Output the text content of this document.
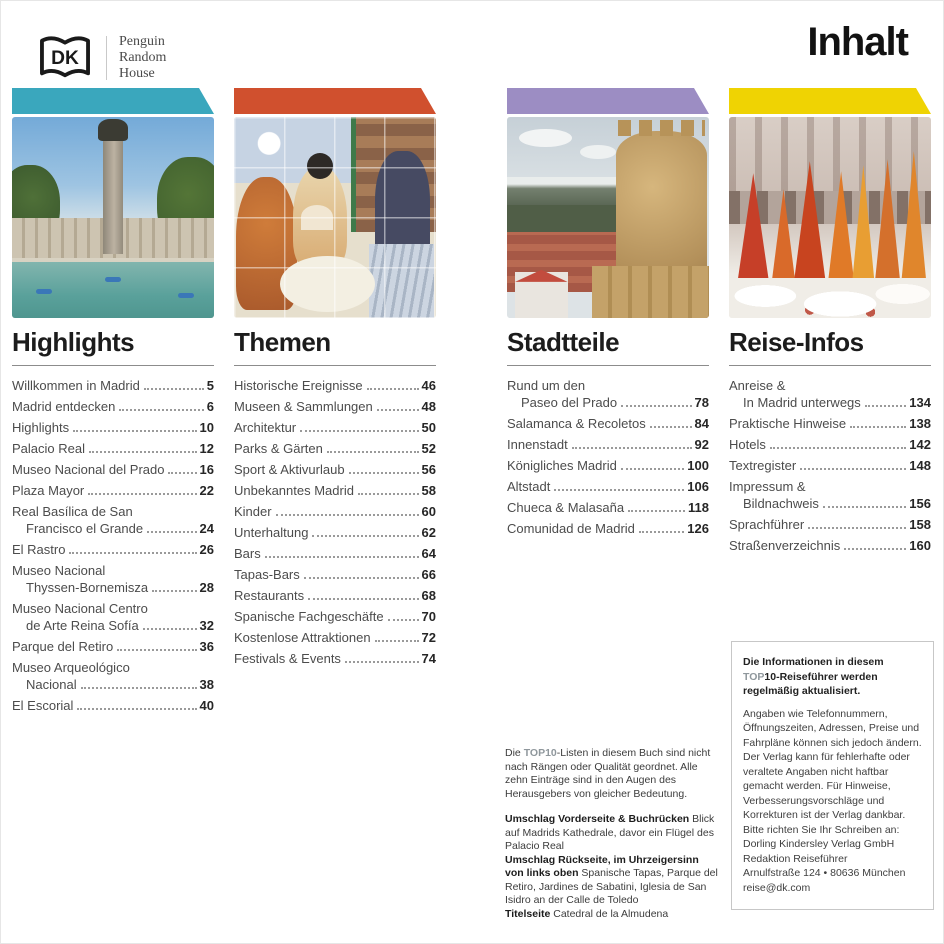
DK
Penguin
Random
House
Inhalt
Highlights
Willkommen in Madrid	5
Madrid entdecken	6
Highlights	10
Palacio Real	12
Museo Nacional del Prado	16
Plaza Mayor	22
Real Basílica de San
Francisco el Grande	24
El Rastro	26
Museo Nacional
Thyssen-Bornemisza	28
Museo Nacional Centro
de Arte Reina Sofía	32
Parque del Retiro	36
Museo Arqueológico
Nacional	38
El Escorial	40
Themen
Historische Ereignisse	46
Museen & Sammlungen	48
Architektur	50
Parks & Gärten	52
Sport & Aktivurlaub	56
Unbekanntes Madrid	58
Kinder	60
Unterhaltung	62
Bars	64
Tapas-Bars	66
Restaurants	68
Spanische Fachgeschäfte	70
Kostenlose Attraktionen	72
Festivals & Events	74
Stadtteile
Rund um den
Paseo del Prado	78
Salamanca & Recoletos	84
Innenstadt	92
Königliches Madrid	100
Altstadt	106
Chueca & Malasaña	118
Comunidad de Madrid	126
Reise-Infos
Anreise &
In Madrid unterwegs	134
Praktische Hinweise	138
Hotels	142
Textregister	148
Impressum &
Bildnachweis	156
Sprachführer	158
Straßenverzeichnis	160

Die TOP10-Listen in diesem Buch sind nicht nach Rängen oder Qualität geordnet. Alle zehn Einträge sind in den Augen des Herausgebers von gleicher Bedeutung.

Umschlag Vorderseite & Buchrücken Blick auf Madrids Kathedrale, davor ein Flügel des Palacio Real
Umschlag Rückseite, im Uhrzeigersinn von links oben Spanische Tapas, Parque del Retiro, Jardines de Sabatini, Iglesia de San Isidro an der Calle de Toledo
Titelseite Catedral de la Almudena

Die Informationen in diesem TOP10-Reiseführer werden regelmäßig aktualisiert.

Angaben wie Telefonnummern, Öffnungszeiten, Adressen, Preise und Fahrpläne können sich jedoch ändern. Der Verlag kann für fehlerhafte oder veraltete Angaben nicht haftbar gemacht werden. Für Hinweise, Verbesserungsvorschläge und Korrekturen ist der Verlag dankbar. Bitte richten Sie Ihr Schreiben an:

Dorling Kindersley Verlag GmbH

Redaktion Reiseführer

Arnulfstraße 124 • 80636 München

reise@dk.com
